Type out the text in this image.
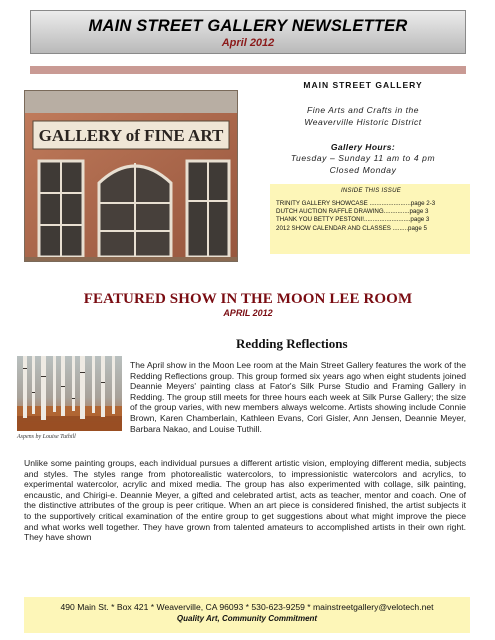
MAIN STREET GALLERY NEWSLETTER
April 2012
GALLERY of FINE ART
MAIN STREET GALLERY
Fine Arts and Crafts in the
Weaverville Historic District
Gallery Hours:
Tuesday – Sunday 11 am to 4 pm
Closed Monday
INSIDE THIS ISSUE
TRINITY GALLERY SHOWCASE ........................page 2-3
DUTCH AUCTION RAFFLE DRAWING...............page 3
THANK YOU BETTY PESTONI!...........................page 3
2012 SHOW CALENDAR AND CLASSES .........page 5
FEATURED SHOW IN THE MOON LEE ROOM
APRIL 2012
Redding Reflections
Aspens by Louise Tuthill
The April show in the Moon Lee room at the Main Street Gallery features the work of the Redding Reflections group. This group formed six years ago when eight students joined Deannie Meyers' painting class at Fator's Silk Purse Studio and Framing Gallery in Redding. The group still meets for three hours each week at Silk Purse Gallery; the size of the group varies, with new members always welcome. Artists showing include Connie Brown, Karen Chamberlain, Kathleen Evans, Cori Gisler, Ann Jensen, Deannie Meyer, Barbara Nakao, and Louise Tuthill.
Unlike some painting groups, each individual pursues a different artistic vision, employing different media, subjects and styles. The styles range from photorealistic watercolors, to impressionistic watercolors and acrylics, to experimental watercolor, acrylic and mixed media. The group has also experimented with collage, silk painting, encaustic, and Chirigi-e. Deannie Meyer, a gifted and celebrated artist, acts as teacher, mentor and coach. One of the distinctive attributes of the group is peer critique. When an art piece is considered finished, the artist subjects it to the supportively critical examination of the entire group to get suggestions about what might improve the piece and what works well together. They have grown from talented amateurs to accomplished artists in their own right. They have shown
490 Main St. * Box 421 * Weaverville, CA 96093 * 530-623-9259 * mainstreetgallery@velotech.net
Quality Art, Community Commitment
